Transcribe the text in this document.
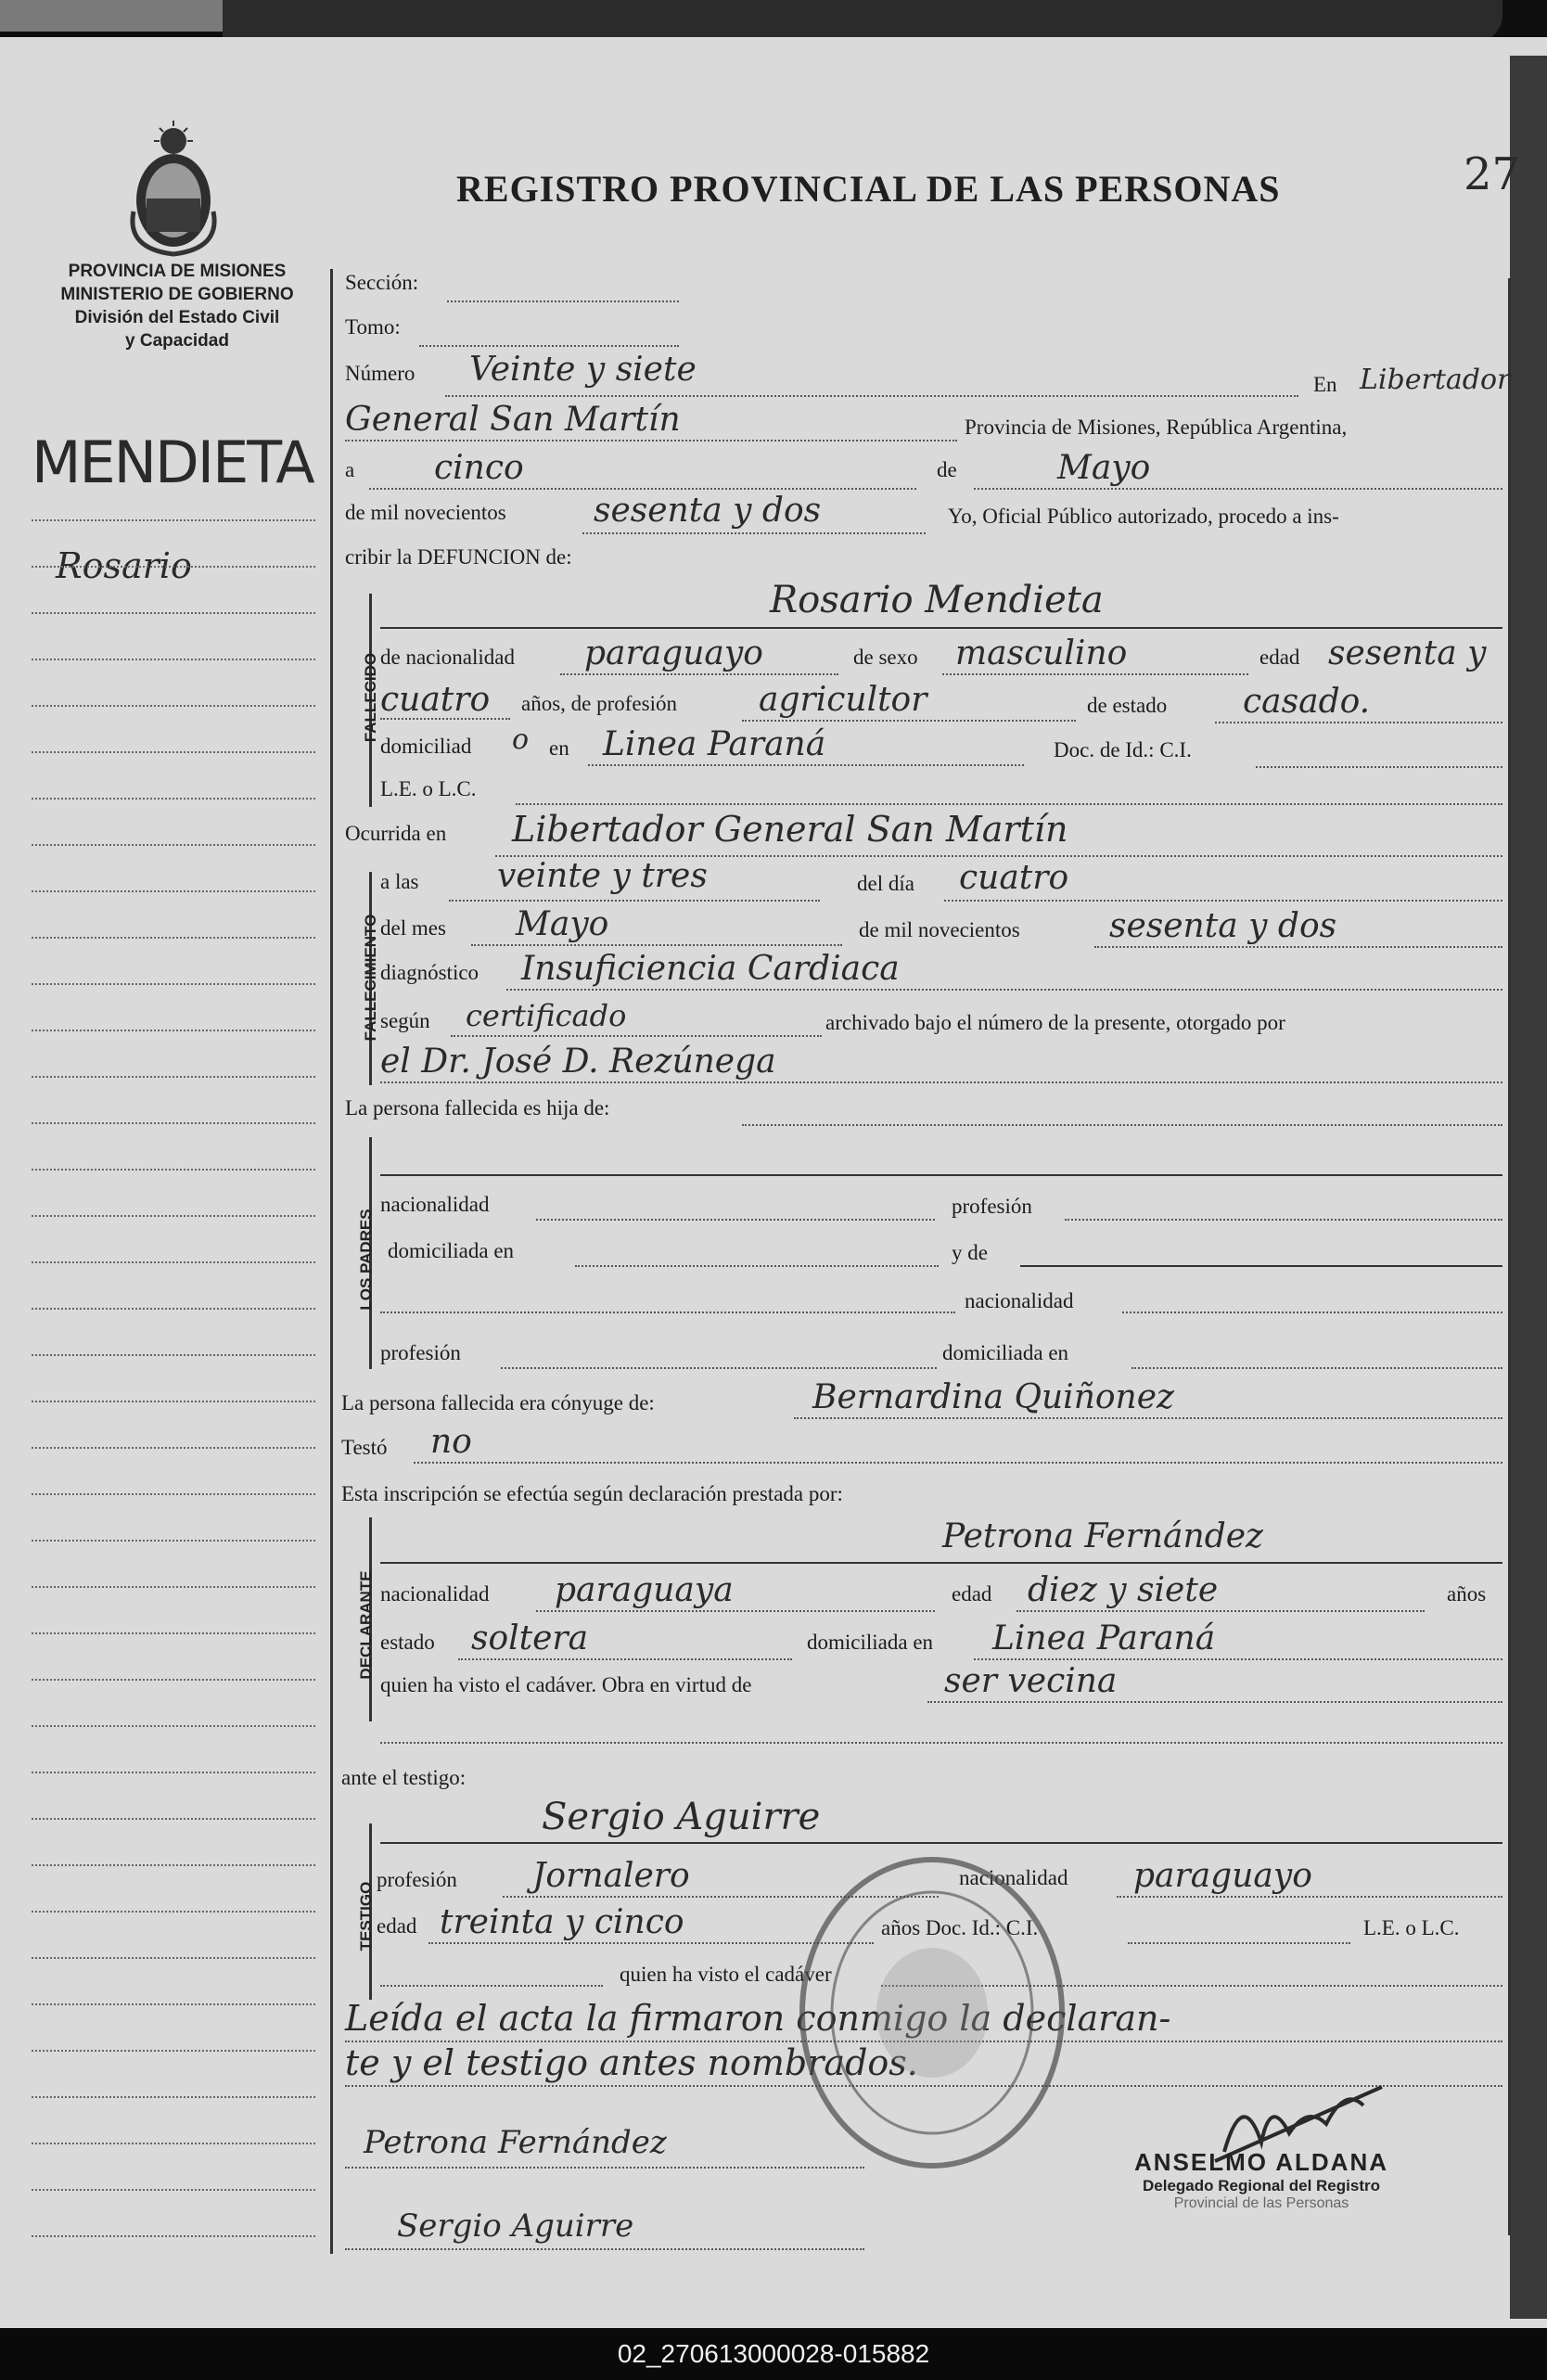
PROVINCIA DE MISIONES
MINISTERIO DE GOBIERNO
División del Estado Civil
y Capacidad
REGISTRO PROVINCIAL DE LAS PERSONAS	27
MENDIETA
Rosario
Sección:
Tomo:
Número Veinte y siete	En Libertador
General San Martín	Provincia de Misiones, República Argentina,
a cinco	de	Mayo
de mil novecientos	sesenta y dos	Yo, Oficial Público autorizado, procedo a ins-
cribir la DEFUNCION de:
FALLECIDO
Rosario Mendieta
de nacionalidad paraguayo	de sexo masculino	edad sesenta y
cuatro años, de profesión agricultor	de estado casado.
domiciliad o en Linea Paraná	Doc. de Id.: C.I.
L.E. o L.C.
Ocurrida en Libertador General San Martín
FALLECIMIENTO
a las veinte y tres	del día cuatro
del mes Mayo	de mil novecientos	sesenta y dos
diagnóstico Insuficiencia Cardiaca
según certificado	archivado bajo el número de la presente, otorgado por
el Dr. José D. Rezúnega
La persona fallecida es hija de:
LOS PADRES
nacionalidad	profesión
domiciliada en	y de
nacionalidad
profesión	domiciliada en
La persona fallecida era cónyuge de:	Bernardina Quiñonez
Testó no
Esta inscripción se efectúa según declaración prestada por:
DECLARANTE
Petrona Fernández
nacionalidad paraguaya	edad diez y siete	años
estado soltera	domiciliada en Linea Paraná
quien ha visto el cadáver. Obra en virtud de	ser vecina
ante el testigo:
TESTIGO
Sergio Aguirre
profesión Jornalero	nacionalidad paraguayo
edad treinta y cinco	años Doc. Id.: C.I.	L.E. o L.C.
quien ha visto el cadáver
Leída el acta la firmaron conmigo la declaran-
te y el testigo antes nombrados.
Petrona Fernández
Sergio Aguirre
ANSELMO ALDANA
Delegado Regional del Registro
Provincial de las Personas
02_270613000028-015882
